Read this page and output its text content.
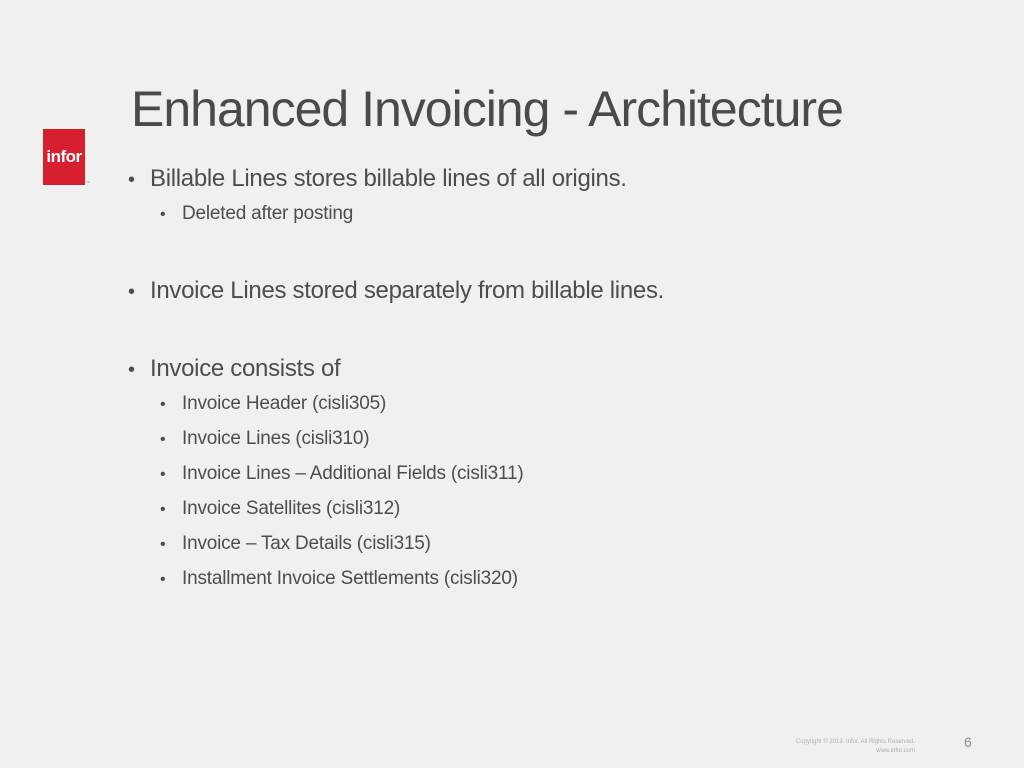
infor
™
Enhanced Invoicing - Architecture
• Billable Lines stores billable lines of all origins.
• Deleted after posting
• Invoice Lines stored separately from billable lines.
• Invoice consists of
• Invoice Header (cisli305)
• Invoice Lines (cisli310)
• Invoice Lines – Additional Fields (cisli311)
• Invoice Satellites (cisli312)
• Invoice – Tax Details (cisli315)
• Installment Invoice Settlements (cisli320)
Copyright © 2013. Infor. All Rights Reserved.
www.infor.com
6
